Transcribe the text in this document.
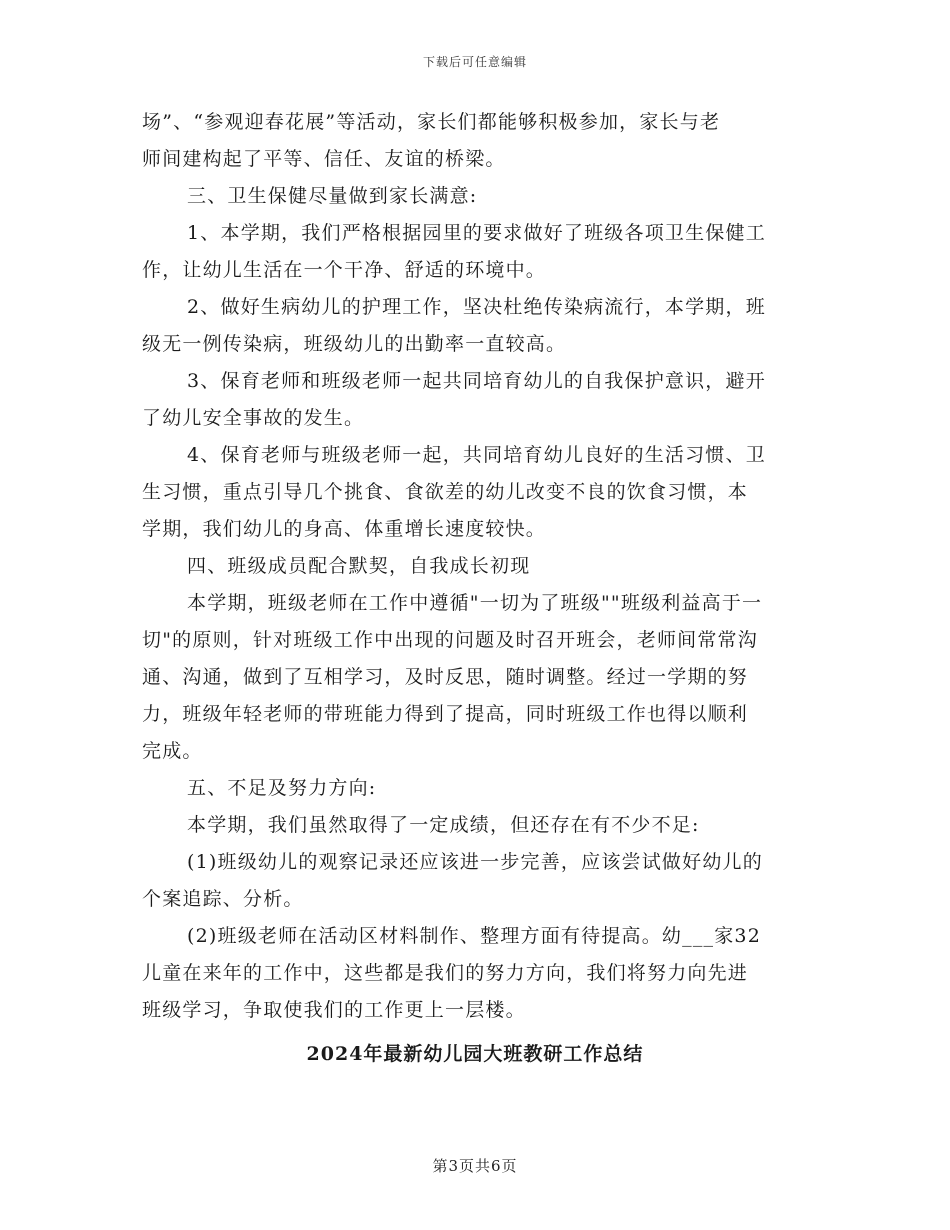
下载后可任意编辑
场”、“参观迎春花展”等活动，家长们都能够积极参加，家长与老
师间建构起了平等、信任、友谊的桥梁。
三、卫生保健尽量做到家长满意:
1、本学期，我们严格根据园里的要求做好了班级各项卫生保健工
作，让幼儿生活在一个干净、舒适的环境中。
2、做好生病幼儿的护理工作，坚决杜绝传染病流行，本学期，班
级无一例传染病，班级幼儿的出勤率一直较高。
3、保育老师和班级老师一起共同培育幼儿的自我保护意识，避开
了幼儿安全事故的发生。
4、保育老师与班级老师一起，共同培育幼儿良好的生活习惯、卫
生习惯，重点引导几个挑食、食欲差的幼儿改变不良的饮食习惯，本
学期，我们幼儿的身高、体重增长速度较快。
四、班级成员配合默契，自我成长初现
本学期，班级老师在工作中遵循"一切为了班级""班级利益高于一
切"的原则，针对班级工作中出现的问题及时召开班会，老师间常常沟
通、沟通，做到了互相学习，及时反思，随时调整。经过一学期的努
力，班级年轻老师的带班能力得到了提高，同时班级工作也得以顺利
完成。
五、不足及努力方向:
本学期，我们虽然取得了一定成绩，但还存在有不少不足:
(1)班级幼儿的观察记录还应该进一步完善，应该尝试做好幼儿的
个案追踪、分析。
(2)班级老师在活动区材料制作、整理方面有待提高。幼___家32
儿童在来年的工作中，这些都是我们的努力方向，我们将努力向先进
班级学习，争取使我们的工作更上一层楼。
2024年最新幼儿园大班教研工作总结
第3页共6页
